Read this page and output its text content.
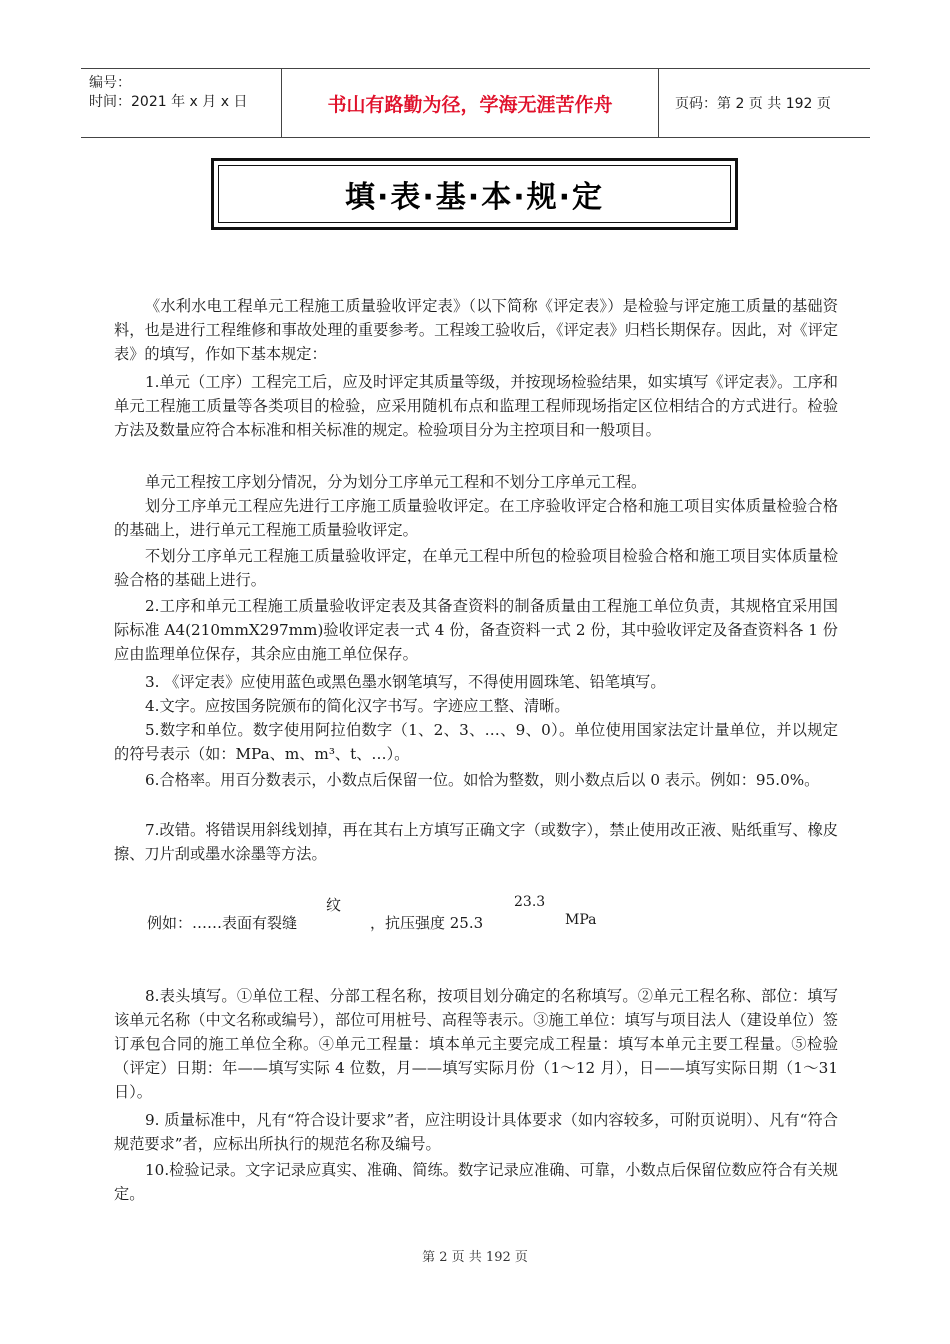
编号：
时间：2021 年 x 月 x 日	书山有路勤为径，学海无涯苦作舟	页码：第 2 页 共 192 页
填·表·基·本·规·定
《水利水电工程单元工程施工质量验收评定表》（以下简称《评定表》）是检验与评定施工质量的基础资料，也是进行工程维修和事故处理的重要参考。工程竣工验收后，《评定表》归档长期保存。因此，对《评定表》的填写，作如下基本规定：
1.单元（工序）工程完工后，应及时评定其质量等级，并按现场检验结果，如实填写《评定表》。工序和单元工程施工质量等各类项目的检验，应采用随机布点和监理工程师现场指定区位相结合的方式进行。检验方法及数量应符合本标准和相关标准的规定。检验项目分为主控项目和一般项目。
单元工程按工序划分情况，分为划分工序单元工程和不划分工序单元工程。
划分工序单元工程应先进行工序施工质量验收评定。在工序验收评定合格和施工项目实体质量检验合格的基础上，进行单元工程施工质量验收评定。
不划分工序单元工程施工质量验收评定，在单元工程中所包的检验项目检验合格和施工项目实体质量检验合格的基础上进行。
2.工序和单元工程施工质量验收评定表及其备查资料的制备质量由工程施工单位负责，其规格宜采用国际标准 A4(210mmX297mm)验收评定表一式 4 份，备查资料一式 2 份，其中验收评定及备查资料各 1 份应由监理单位保存，其余应由施工单位保存。
3. 《评定表》应使用蓝色或黑色墨水钢笔填写，不得使用圆珠笔、铅笔填写。
4.文字。应按国务院颁布的简化汉字书写。字迹应工整、清晰。
5.数字和单位。数字使用阿拉伯数字（1、2、3、…、9、0）。单位使用国家法定计量单位，并以规定的符号表示（如：MPa、m、m³、t、…）。
6.合格率。用百分数表示，小数点后保留一位。如恰为整数，则小数点后以 0 表示。例如：95.0%。
7.改错。将错误用斜线划掉，再在其右上方填写正确文字（或数字），禁止使用改正液、贴纸重写、橡皮擦、刀片刮或墨水涂墨等方法。
例如：……表面有裂缝
纹
，抗压强度 25.3
23.3
MPa
8.表头填写。①单位工程、分部工程名称，按项目划分确定的名称填写。②单元工程名称、部位：填写该单元名称（中文名称或编号），部位可用桩号、高程等表示。③施工单位：填写与项目法人（建设单位）签订承包合同的施工单位全称。④单元工程量：填本单元主要完成工程量：填写本单元主要工程量。⑤检验（评定）日期：年——填写实际 4 位数，月——填写实际月份（1～12 月），日——填写实际日期（1～31 日）。
9. 质量标准中，凡有“符合设计要求”者，应注明设计具体要求（如内容较多，可附页说明）、凡有“符合规范要求”者，应标出所执行的规范名称及编号。
10.检验记录。文字记录应真实、准确、简练。数字记录应准确、可靠，小数点后保留位数应符合有关规定。
第 2 页 共 192 页
